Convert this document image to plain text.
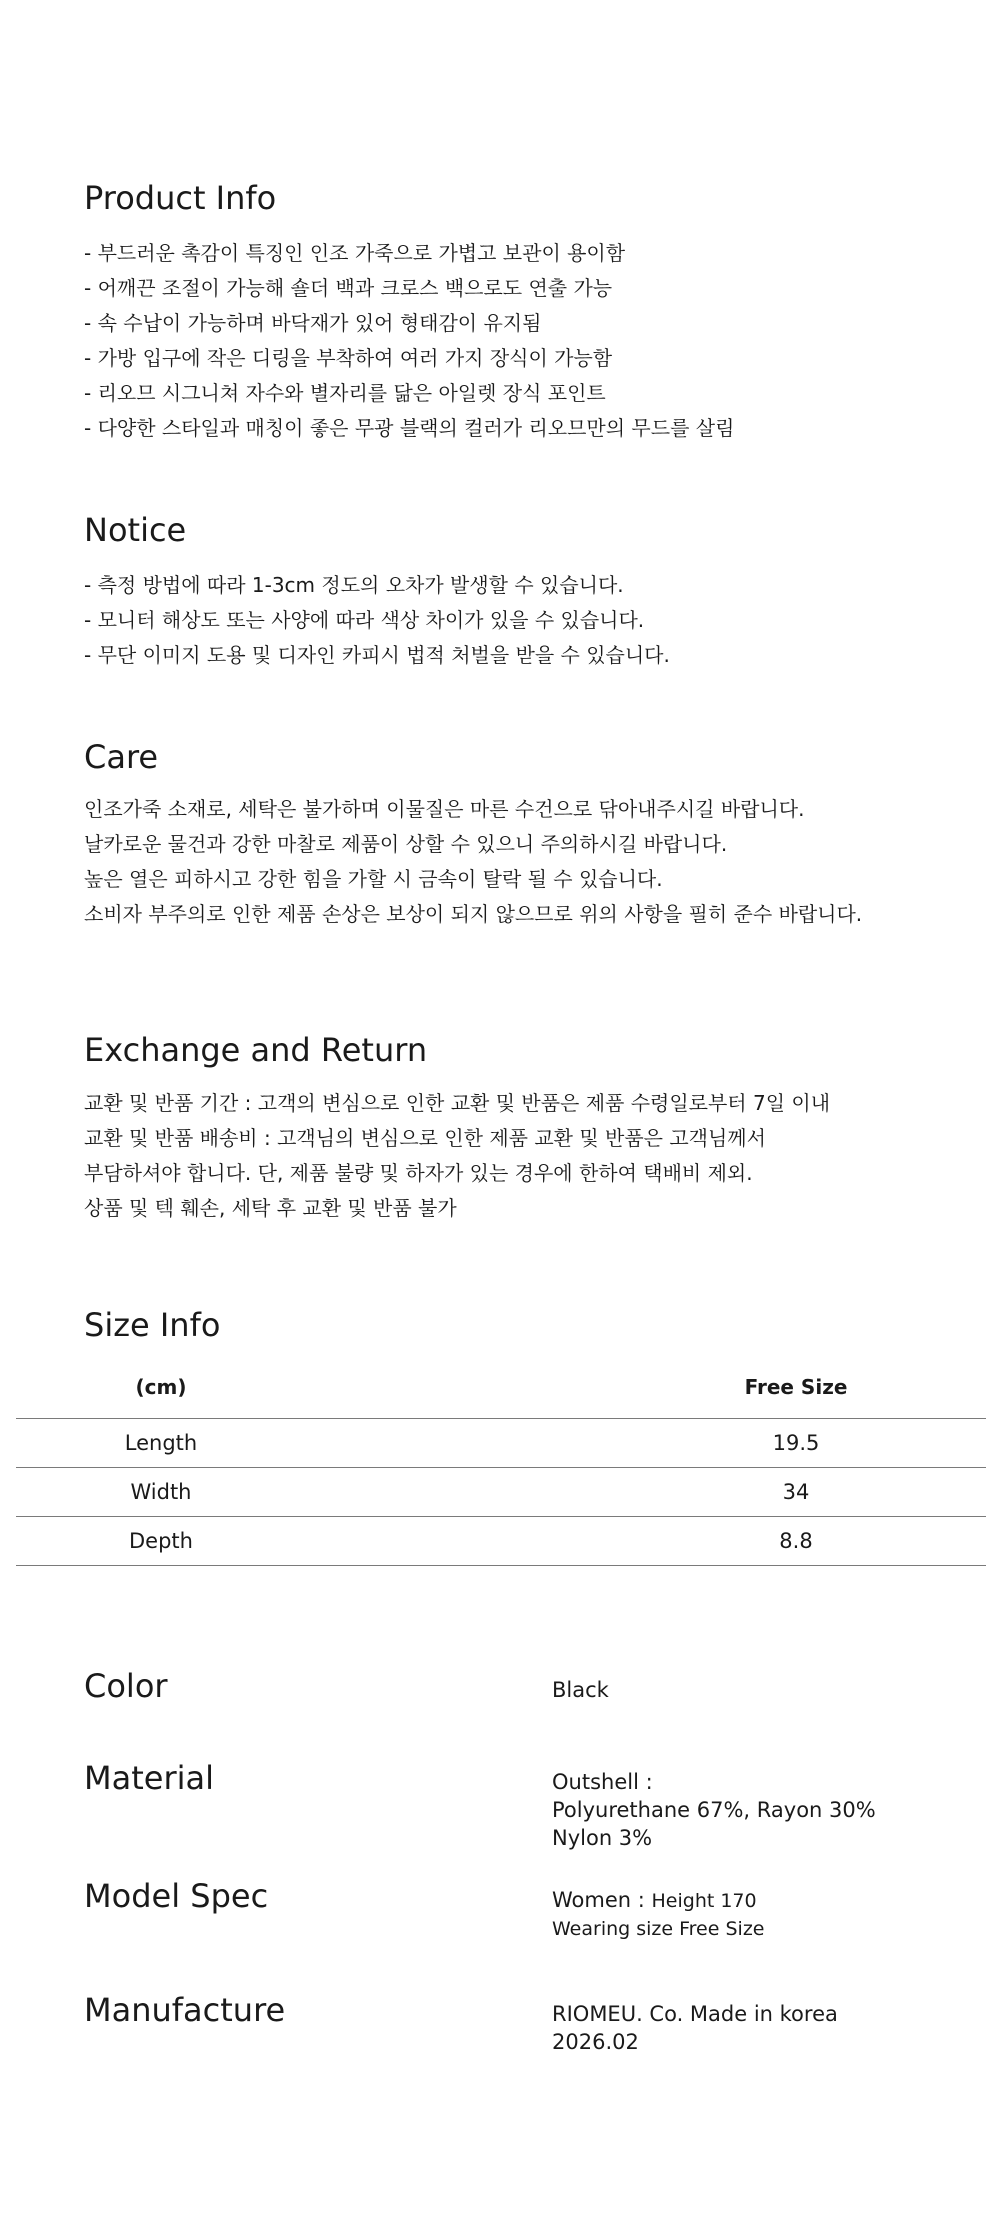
Product Info
- 부드러운 촉감이 특징인 인조 가죽으로 가볍고 보관이 용이함
- 어깨끈 조절이 가능해 숄더 백과 크로스 백으로도 연출 가능
- 속 수납이 가능하며 바닥재가 있어 형태감이 유지됨
- 가방 입구에 작은 디링을 부착하여 여러 가지 장식이 가능함
- 리오므 시그니쳐 자수와 별자리를 닮은 아일렛 장식 포인트
- 다양한 스타일과 매칭이 좋은 무광 블랙의 컬러가 리오므만의 무드를 살림
Notice
- 측정 방법에 따라 1-3cm 정도의 오차가 발생할 수 있습니다.
- 모니터 해상도 또는 사양에 따라 색상 차이가 있을 수 있습니다.
- 무단 이미지 도용 및 디자인 카피시 법적 처벌을 받을 수 있습니다.
Care
인조가죽 소재로, 세탁은 불가하며 이물질은 마른 수건으로 닦아내주시길 바랍니다.
날카로운 물건과 강한 마찰로 제품이 상할 수 있으니 주의하시길 바랍니다.
높은 열은 피하시고 강한 힘을 가할 시 금속이 탈락 될 수 있습니다.
소비자 부주의로 인한 제품 손상은 보상이 되지 않으므로 위의 사항을 필히 준수 바랍니다.
Exchange and Return
교환 및 반품 기간 : 고객의 변심으로 인한 교환 및 반품은 제품 수령일로부터 7일 이내
교환 및 반품 배송비 : 고객님의 변심으로 인한 제품 교환 및 반품은 고객님께서
부담하셔야 합니다. 단, 제품 불량 및 하자가 있는 경우에 한하여 택배비 제외.
상품 및 텍 훼손, 세탁 후 교환 및 반품 불가
Size Info
(cm)	Free Size
Length	19.5
Width	34
Depth	8.8
Color	Black
Material	Outshell :
Polyurethane 67%, Rayon 30%
Nylon 3%
Model Spec	Women : Height 170
Wearing size Free Size
Manufacture	RIOMEU. Co. Made in korea
2026.02
